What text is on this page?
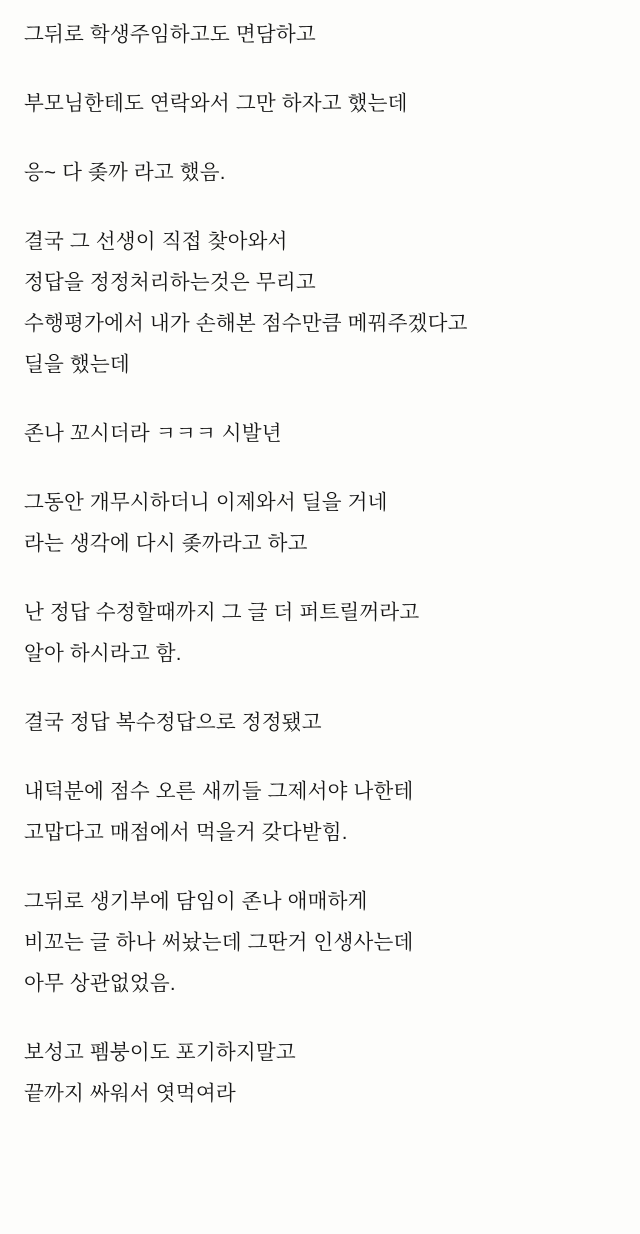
그뒤로 학생주임하고도 면담하고
부모님한테도 연락와서 그만 하자고 했는데
응~ 다 좆까 라고 했음.
결국 그 선생이 직접 찾아와서
정답을 정정처리하는것은 무리고
수행평가에서 내가 손해본 점수만큼 메꿔주겠다고
딜을 했는데
존나 꼬시더라 ㅋㅋㅋ 시발년
그동안 개무시하더니 이제와서 딜을 거네
라는 생각에 다시 좆까라고 하고
난 정답 수정할때까지 그 글 더 퍼트릴꺼라고
알아 하시라고 함.
결국 정답 복수정답으로 정정됐고
내덕분에 점수 오른 새끼들 그제서야 나한테
고맙다고 매점에서 먹을거 갖다받힘.
그뒤로 생기부에 담임이 존나 애매하게
비꼬는 글 하나 써놨는데 그딴거 인생사는데
아무 상관없었음.
보성고 펨붕이도 포기하지말고
끝까지 싸워서 엿먹여라
